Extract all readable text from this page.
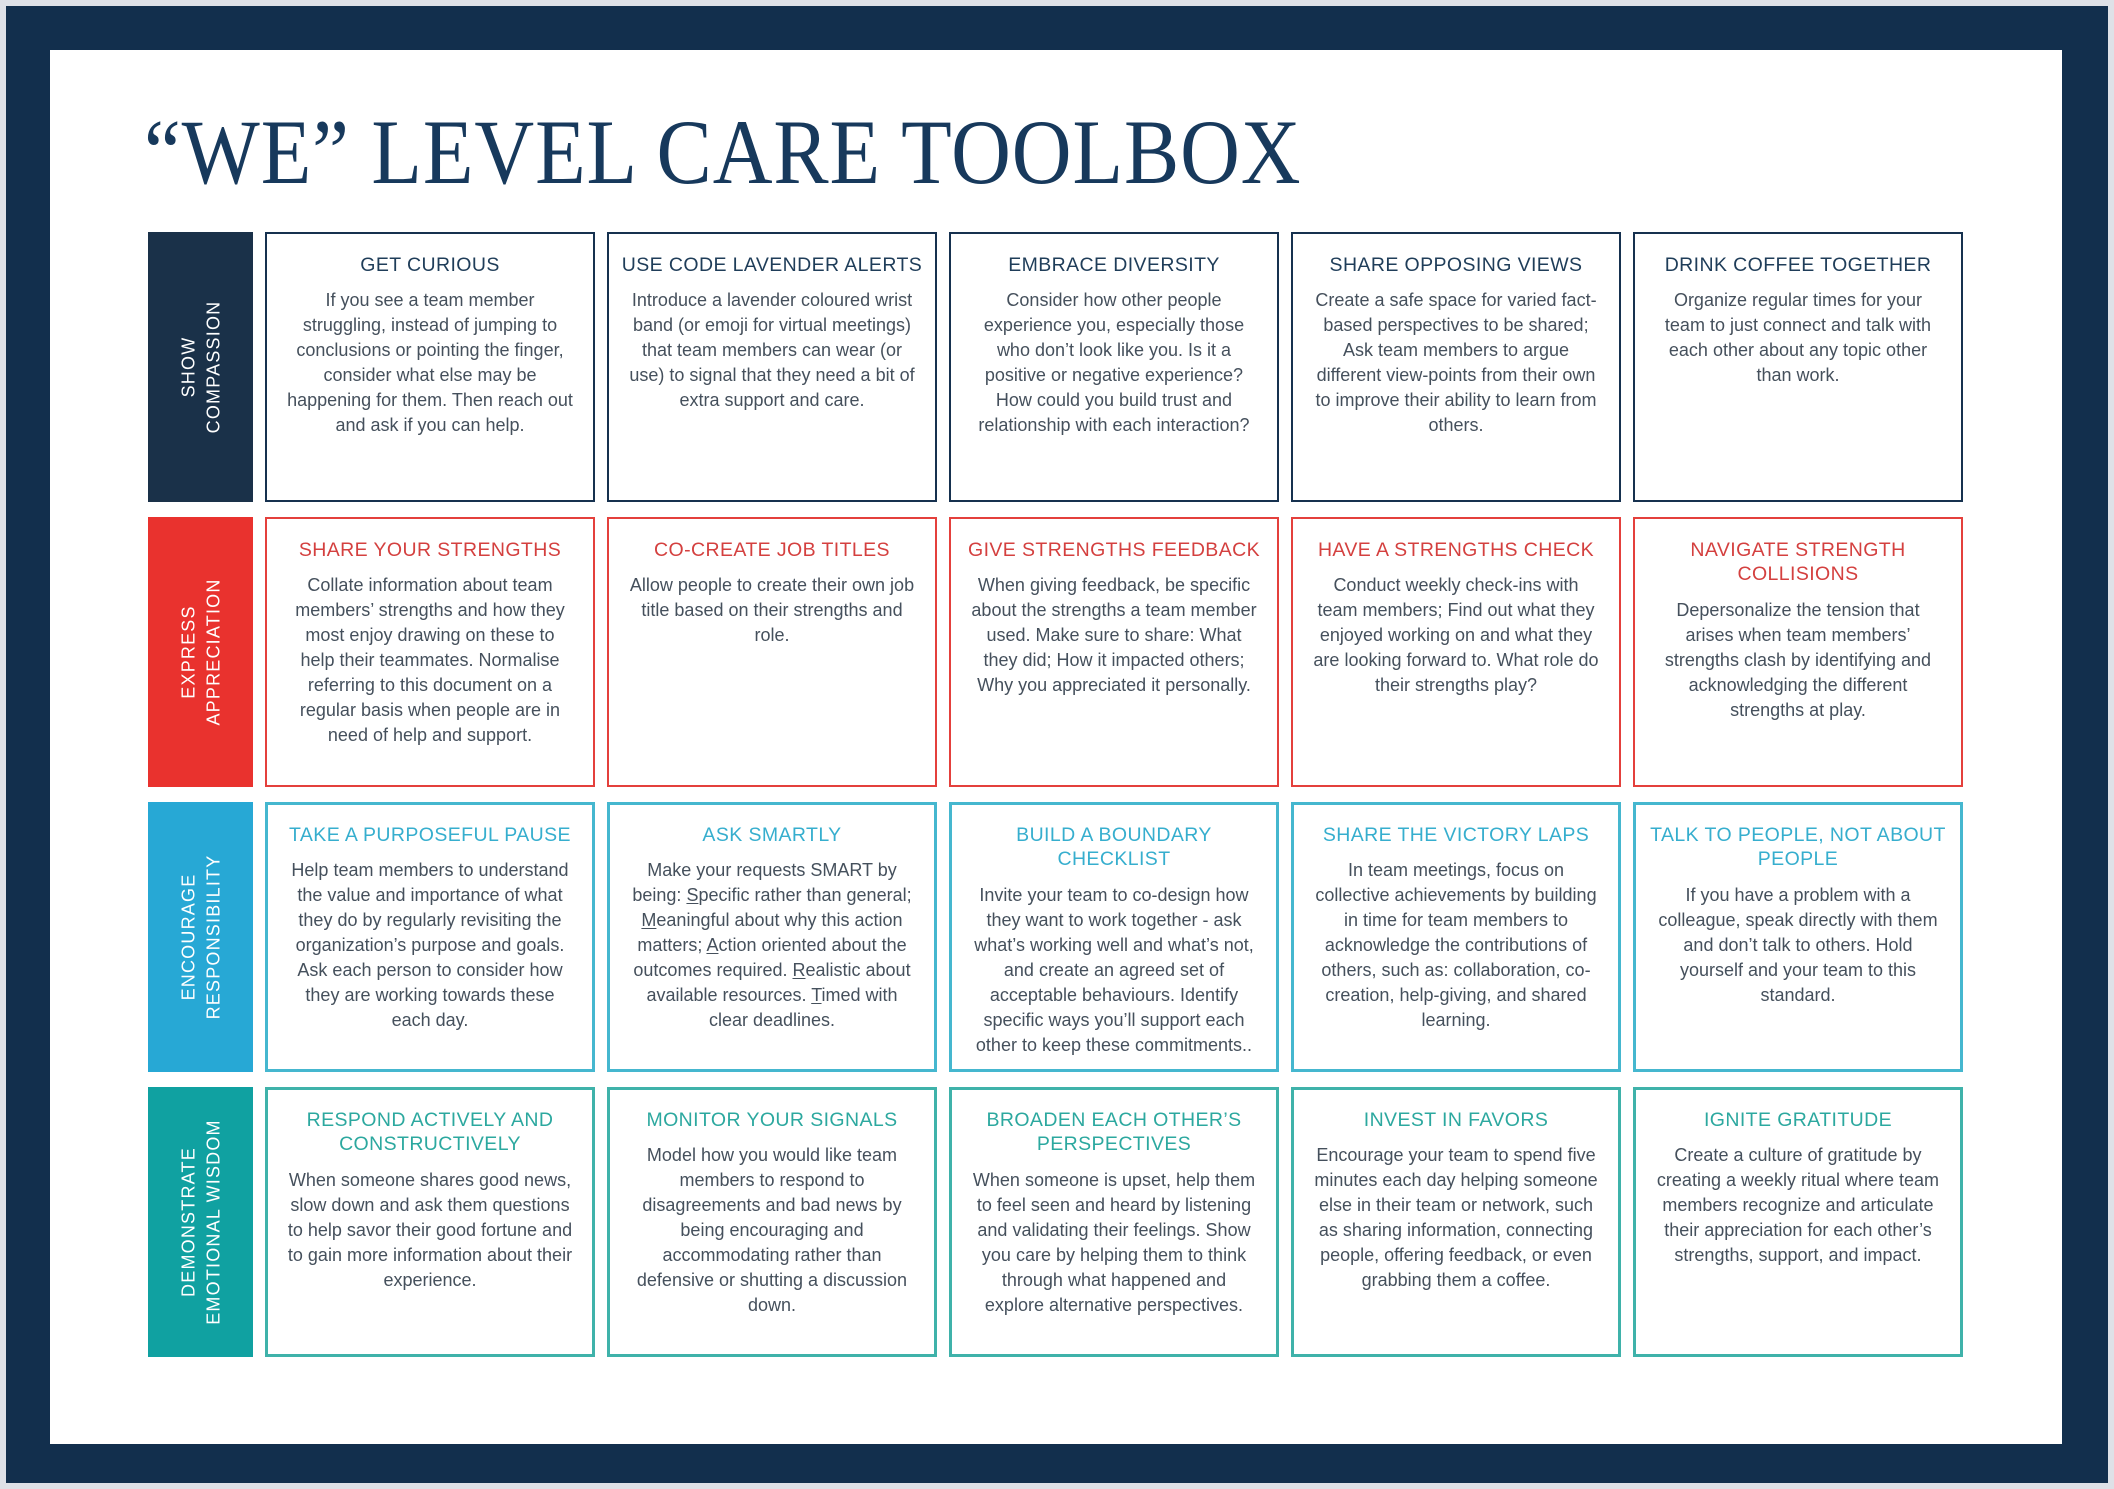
“WE” LEVEL CARE TOOLBOX
SHOW COMPASSION
GET CURIOUS
If you see a team member struggling, instead of jumping to conclusions or pointing the finger, consider what else may be happening for them. Then reach out and ask if you can help.
USE CODE LAVENDER ALERTS
Introduce a lavender coloured wrist band (or emoji for virtual meetings) that team members can wear (or use) to signal that they need a bit of extra support and care.
EMBRACE DIVERSITY
Consider how other people experience you, especially those who don’t look like you. Is it a positive or negative experience? How could you build trust and relationship with each interaction?
SHARE OPPOSING VIEWS
Create a safe space for varied fact-based perspectives to be shared; Ask team members to argue different view-points from their own to improve their ability to learn from others.
DRINK COFFEE TOGETHER
Organize regular times for your team to just connect and talk with each other about any topic other than work.
EXPRESS APPRECIATION
SHARE YOUR STRENGTHS
Collate information about team members’ strengths and how they most enjoy drawing on these to help their teammates. Normalise referring to this document on a regular basis when people are in need of help and support.
CO-CREATE JOB TITLES
Allow people to create their own job title based on their strengths and role.
GIVE STRENGTHS FEEDBACK
When giving feedback, be specific about the strengths a team member used. Make sure to share: What they did; How it impacted others; Why you appreciated it personally.
HAVE A STRENGTHS CHECK
Conduct weekly check-ins with team members; Find out what they enjoyed working on and what they are looking forward to. What role do their strengths play?
NAVIGATE STRENGTH COLLISIONS
Depersonalize the tension that arises when team members’ strengths clash by identifying and acknowledging the different strengths at play.
ENCOURAGE RESPONSIBILITY
TAKE A PURPOSEFUL PAUSE
Help team members to understand the value and importance of what they do by regularly revisiting the organization’s purpose and goals. Ask each person to consider how they are working towards these each day.
ASK SMARTLY
Make your requests SMART by being: Specific rather than general; Meaningful about why this action matters; Action oriented about the outcomes required. Realistic about available resources. Timed with clear deadlines.
BUILD A BOUNDARY CHECKLIST
Invite your team to co-design how they want to work together - ask what’s working well and what’s not, and create an agreed set of acceptable behaviours. Identify specific ways you’ll support each other to keep these commitments..
SHARE THE VICTORY LAPS
In team meetings, focus on collective achievements by building in time for team members to acknowledge the contributions of others, such as: collaboration, co-creation, help-giving, and shared learning.
TALK TO PEOPLE, NOT ABOUT PEOPLE
If you have a problem with a colleague, speak directly with them and don’t talk to others. Hold yourself and your team to this standard.
DEMONSTRATE EMOTIONAL WISDOM	RESPOND ACTIVELY AND CONSTRUCTIVELY
When someone shares good news, slow down and ask them questions to help savor their good fortune and to gain more information about their experience.
MONITOR YOUR SIGNALS
Model how you would like team members to respond to disagreements and bad news by being encouraging and accommodating rather than defensive or shutting a discussion down.
BROADEN EACH OTHER’S PERSPECTIVES
When someone is upset, help them to feel seen and heard by listening and validating their feelings. Show you care by helping them to think through what happened and explore alternative perspectives.
INVEST IN FAVORS
Encourage your team to spend five minutes each day helping someone else in their team or network, such as sharing information, connecting people, offering feedback, or even grabbing them a coffee.
IGNITE GRATITUDE
Create a culture of gratitude by creating a weekly ritual where team members recognize and articulate their appreciation for each other’s strengths, support, and impact.
